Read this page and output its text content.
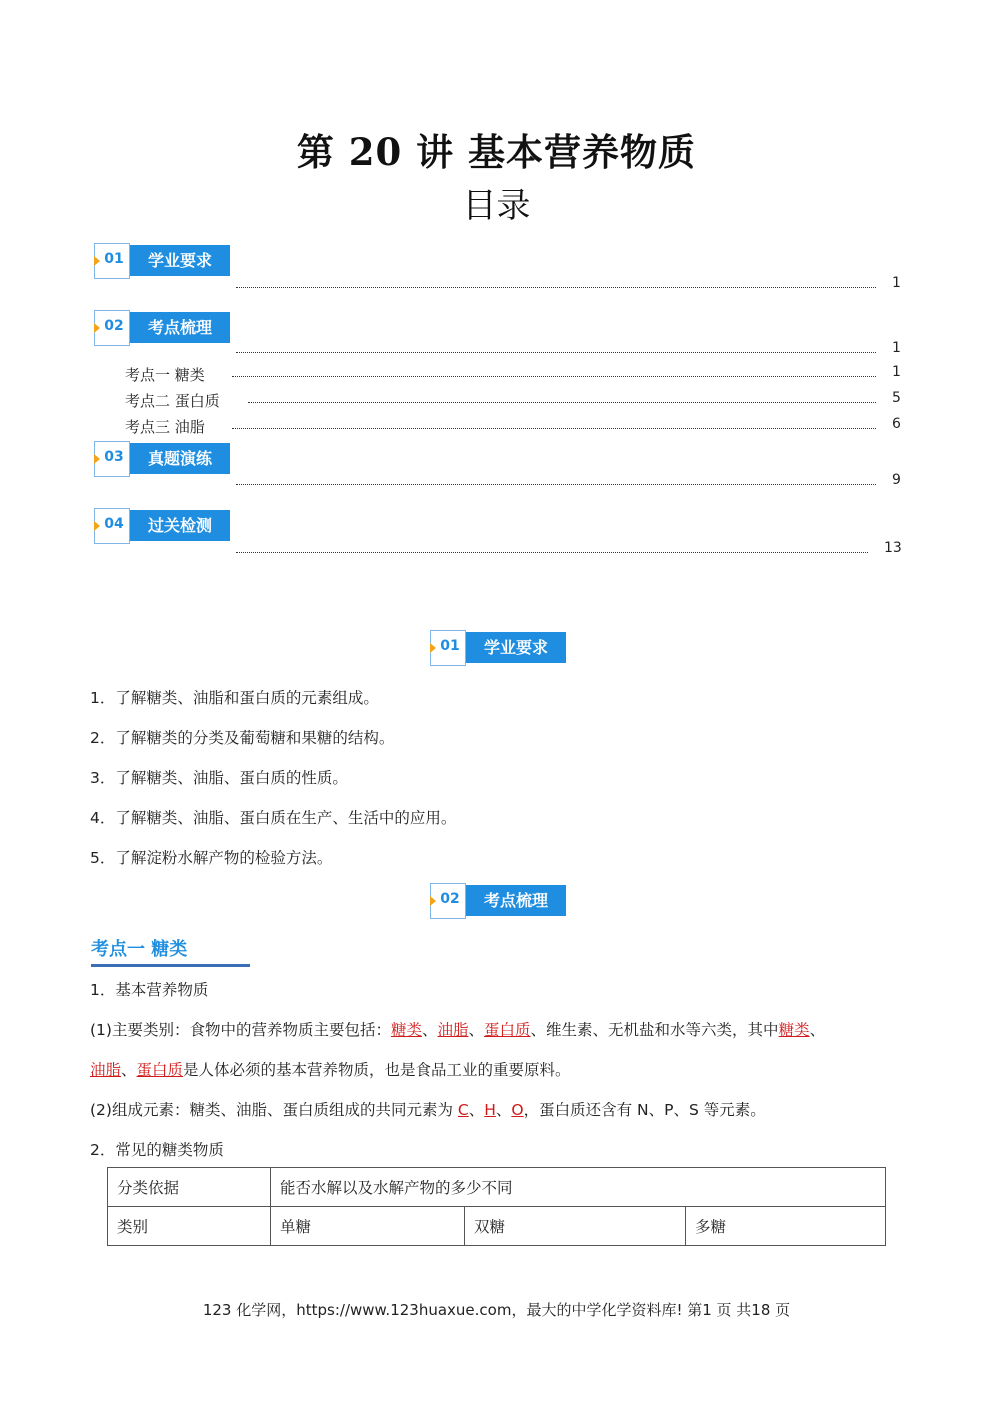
第 20 讲 基本营养物质
目录
01	学业要求
1
02	考点梳理
1
考点一 糖类	1
考点二 蛋白质	5
考点三 油脂	6
03	真题演练
9
04	过关检测
13
01	学业要求
1．了解糖类、油脂和蛋白质的元素组成。
2．了解糖类的分类及葡萄糖和果糖的结构。
3．了解糖类、油脂、蛋白质的性质。
4．了解糖类、油脂、蛋白质在生产、生活中的应用。
5．了解淀粉水解产物的检验方法。
02	考点梳理
考点一 糖类
1．基本营养物质
(1)主要类别：食物中的营养物质主要包括：糖类、油脂、蛋白质、维生素、无机盐和水等六类，其中糖类、
油脂、蛋白质是人体必须的基本营养物质，也是食品工业的重要原料。
(2)组成元素：糖类、油脂、蛋白质组成的共同元素为 C、H、O，蛋白质还含有 N、P、S 等元素。
2．常见的糖类物质
分类依据	能否水解以及水解产物的多少不同		
类别	单糖	双糖	多糖
123 化学网，https://www.123huaxue.com，最大的中学化学资料库! 第1 页 共18 页
